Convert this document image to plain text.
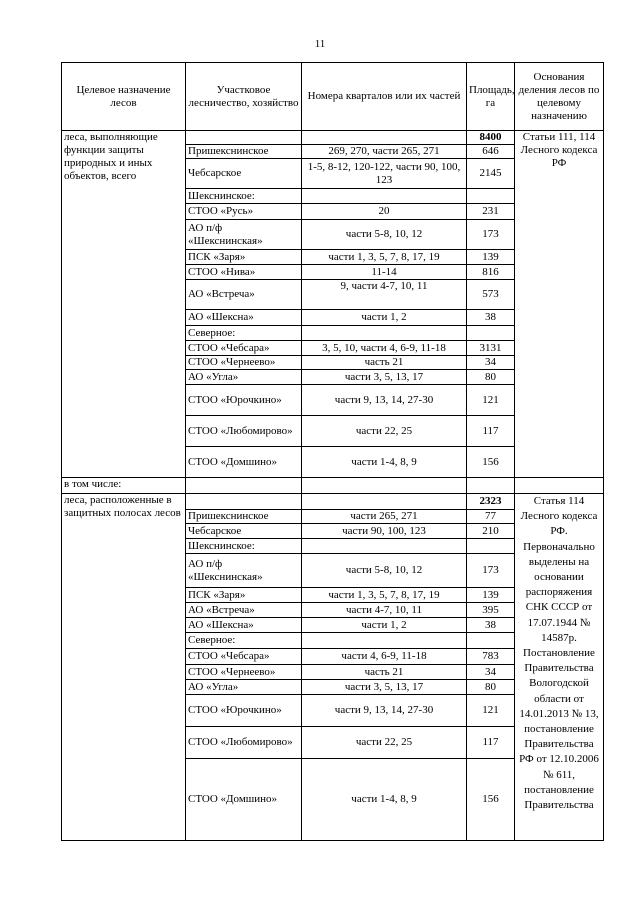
11
Целевое назначение лесов	Участковое лесничество, хозяйство	Номера кварталов или их частей	Площадь, га	Основания деления лесов по целевому назначению
леса, выполняющие функции защиты природных и иных объектов, всего			8400	Статьи 111, 114 Лесного кодекса РФ
	Пришекснинское	269, 270, части 265, 271	646	
	Чебсарское	1-5, 8-12, 120-122, части 90, 100, 123	2145	
	Шекснинское:			
	СТОО «Русь»	20	231	
	АО п/ф «Шекснинская»	части 5-8, 10, 12	173	
	ПСК «Заря»	части 1, 3, 5, 7, 8, 17, 19	139	
	СТОО «Нива»	11-14	816	
	АО «Встреча»	9, части 4-7, 10, 11	573	
	АО «Шексна»	части 1, 2	38	
	Северное:			
	СТОО «Чебсара»	3, 5, 10, части 4, 6-9, 11-18	3131	
	СТОО «Чернеево»	часть 21	34	
	АО «Угла»	части 3, 5, 13, 17	80	
	СТОО «Юрочкино»	части 9, 13, 14, 27-30	121	
	СТОО «Любомирово»	части 22, 25	117	
	СТОО «Домшино»	части 1-4, 8, 9	156	
в том числе:				
леса, расположенные в защитных полосах лесов			2323	Статья 114 Лесного кодекса РФ. Первоначально выделены на основании распоряжения СНК СССР от 17.07.1944 № 14587р. Постановление Правительства Вологодской области от 14.01.2013 № 13, постановление Правительства РФ от 12.10.2006 № 611, постановление Правительства
	Пришекснинское	части 265, 271	77	
	Чебсарское	части 90, 100, 123	210	
	Шекснинское:			
	АО п/ф «Шекснинская»	части 5-8, 10, 12	173	
	ПСК «Заря»	части 1, 3, 5, 7, 8, 17, 19	139	
	АО «Встреча»	части 4-7, 10, 11	395	
	АО «Шексна»	части 1, 2	38	
	Северное:			
	СТОО «Чебсара»	части 4, 6-9, 11-18	783	
	СТОО «Чернеево»	часть 21	34	
	АО «Угла»	части 3, 5, 13, 17	80	
	СТОО «Юрочкино»	части 9, 13, 14, 27-30	121	
	СТОО «Любомирово»	части 22, 25	117	
	СТОО «Домшино»	части 1-4, 8, 9	156	
